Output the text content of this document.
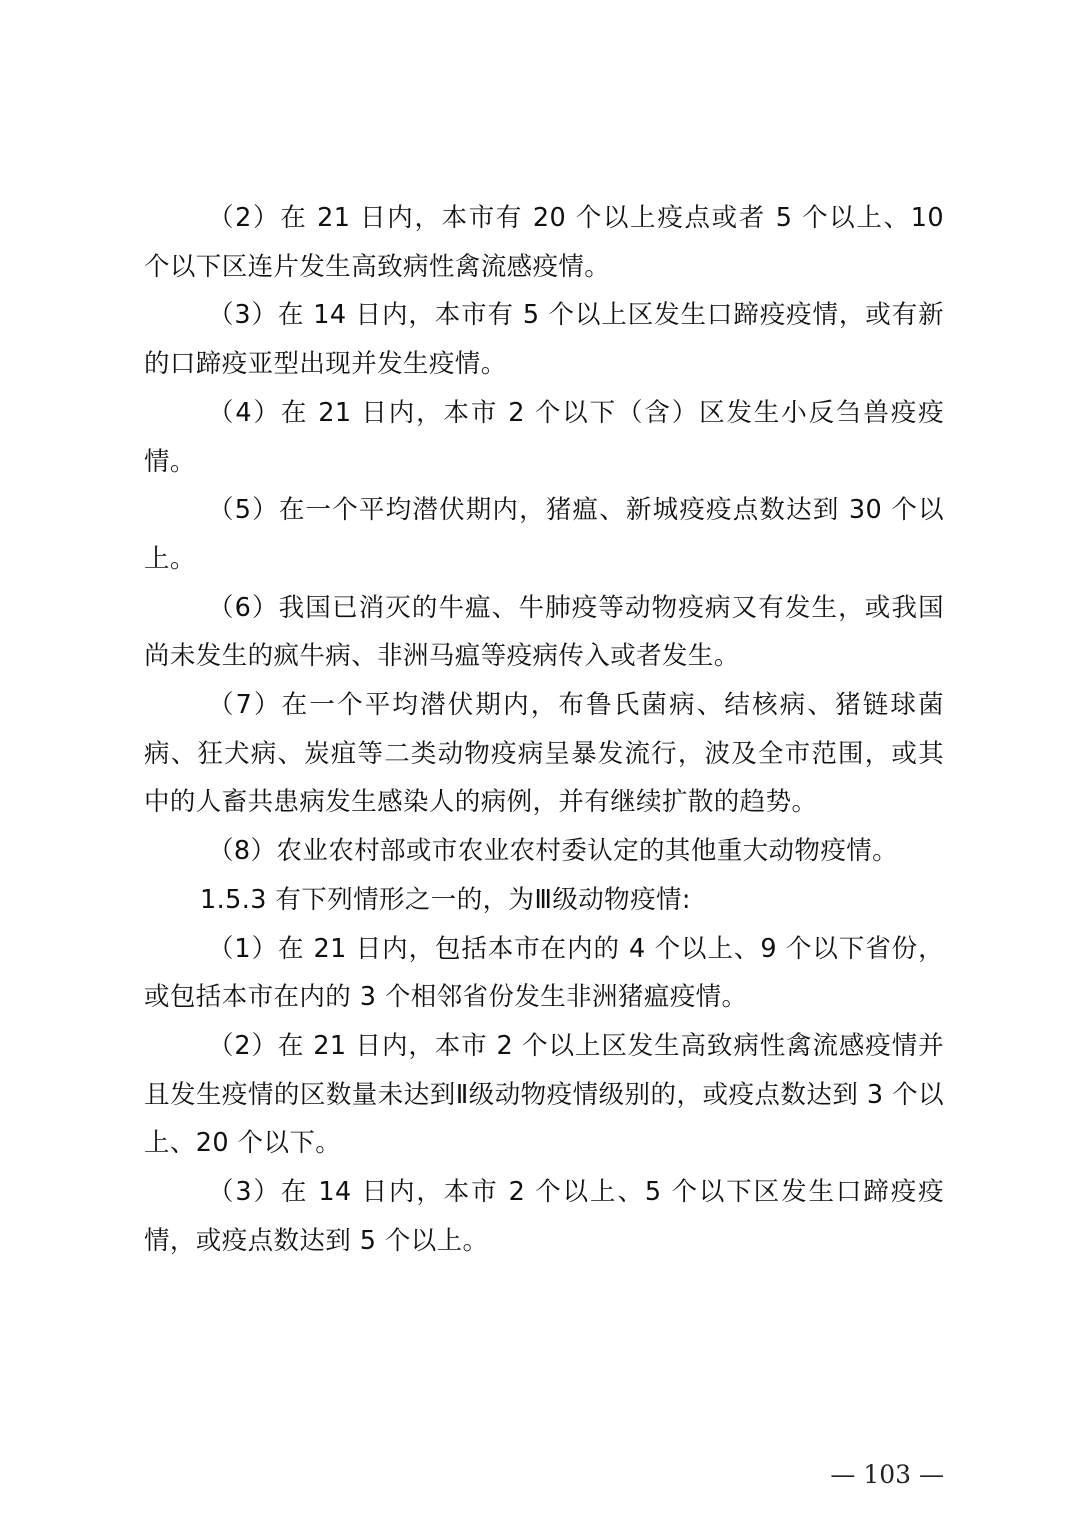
（2）在 21 日内，本市有 20 个以上疫点或者 5 个以上、10 个以下区连片发生高致病性禽流感疫情。

（3）在 14 日内，本市有 5 个以上区发生口蹄疫疫情，或有新的口蹄疫亚型出现并发生疫情。

（4）在 21 日内，本市 2 个以下（含）区发生小反刍兽疫疫情。

（5）在一个平均潜伏期内，猪瘟、新城疫疫点数达到 30 个以上。

（6）我国已消灭的牛瘟、牛肺疫等动物疫病又有发生，或我国尚未发生的疯牛病、非洲马瘟等疫病传入或者发生。

（7）在一个平均潜伏期内，布鲁氏菌病、结核病、猪链球菌病、狂犬病、炭疽等二类动物疫病呈暴发流行，波及全市范围，或其中的人畜共患病发生感染人的病例，并有继续扩散的趋势。

（8）农业农村部或市农业农村委认定的其他重大动物疫情。

1.5.3 有下列情形之一的，为Ⅲ级动物疫情:

（1）在 21 日内，包括本市在内的 4 个以上、9 个以下省份，或包括本市在内的 3 个相邻省份发生非洲猪瘟疫情。

（2）在 21 日内，本市 2 个以上区发生高致病性禽流感疫情并且发生疫情的区数量未达到Ⅱ级动物疫情级别的，或疫点数达到 3 个以上、20 个以下。

（3）在 14 日内，本市 2 个以上、5 个以下区发生口蹄疫疫情，或疫点数达到 5 个以上。

— 103 —
